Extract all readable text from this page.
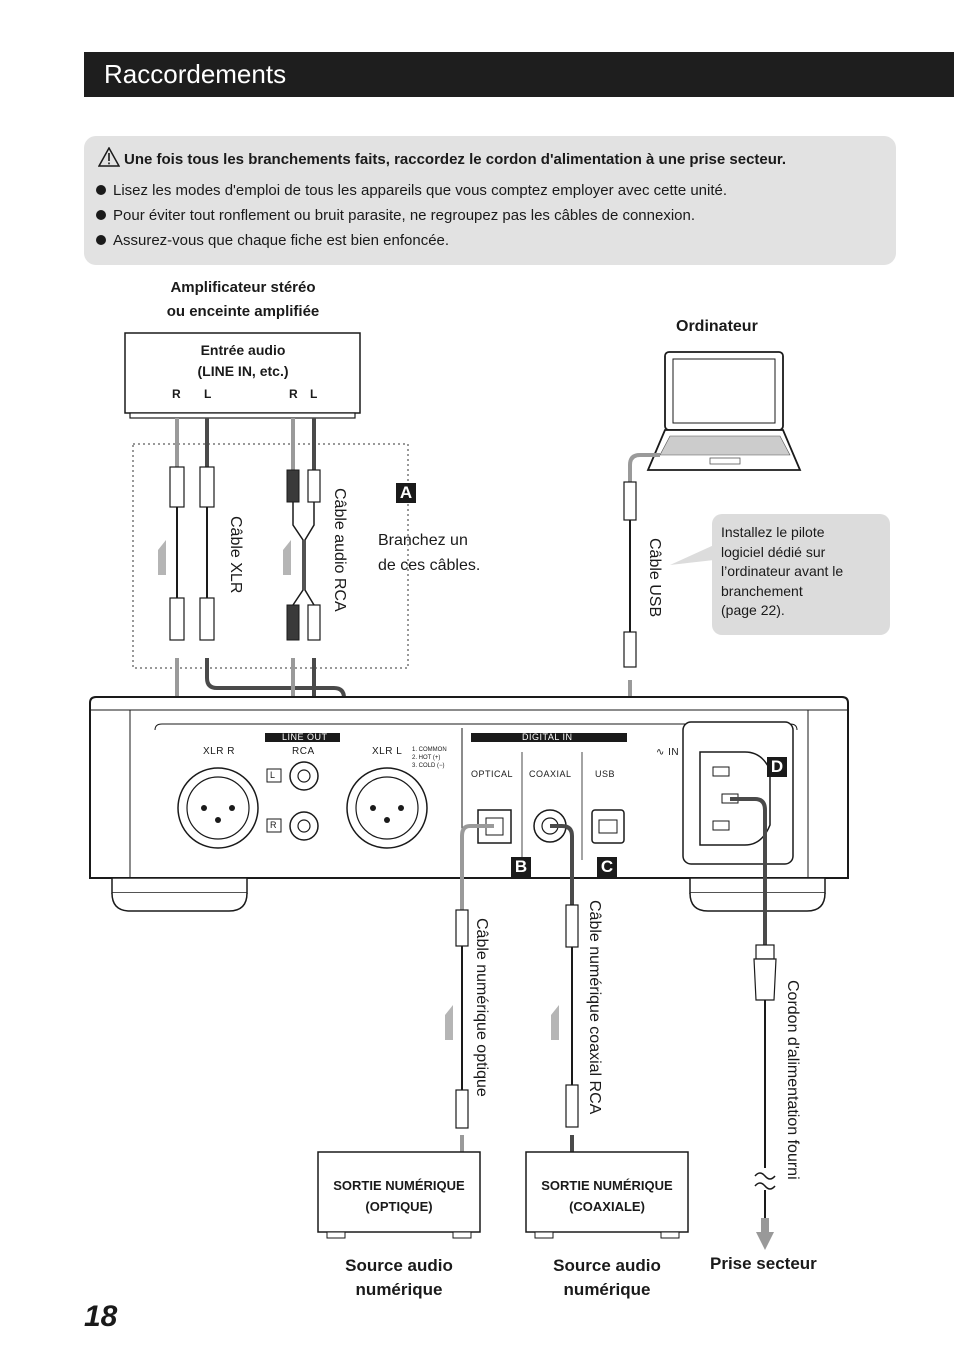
Raccordements
Une fois tous les branchements faits, raccordez le cordon d'alimentation à une prise secteur.
Lisez les modes d'emploi de tous les appareils que vous comptez employer avec cette unité.
Pour éviter tout ronflement ou bruit parasite, ne regroupez pas les câbles de connexion.
Assurez-vous que chaque fiche est bien enfoncée.
Amplificateur stéréo
ou enceinte amplifiée
Entrée audio
(LINE IN, etc.)
R L	R L
Ordinateur
Câble XLR	Câble audio RCA	Câble USB
Câble numérique optique	Câble numérique coaxial RCA	Cordon d'alimentation fourni
Branchez un
de ces câbles.
Installez le pilote
logiciel dédié sur
l’ordinateur avant le
branchement
(page 22).
A
B	C
D
LINE OUT	DIGITAL IN
XLR R	RCA	XLR L 1. COMMON
2. HOT (+)
3. COLD (−)
L
R
OPTICAL COAXIAL	USB
∿ IN
SORTIE NUMÉRIQUE
(OPTIQUE)
SORTIE NUMÉRIQUE
(COAXIALE)
Source audio
numérique
Source audio
numérique
Prise secteur
18
